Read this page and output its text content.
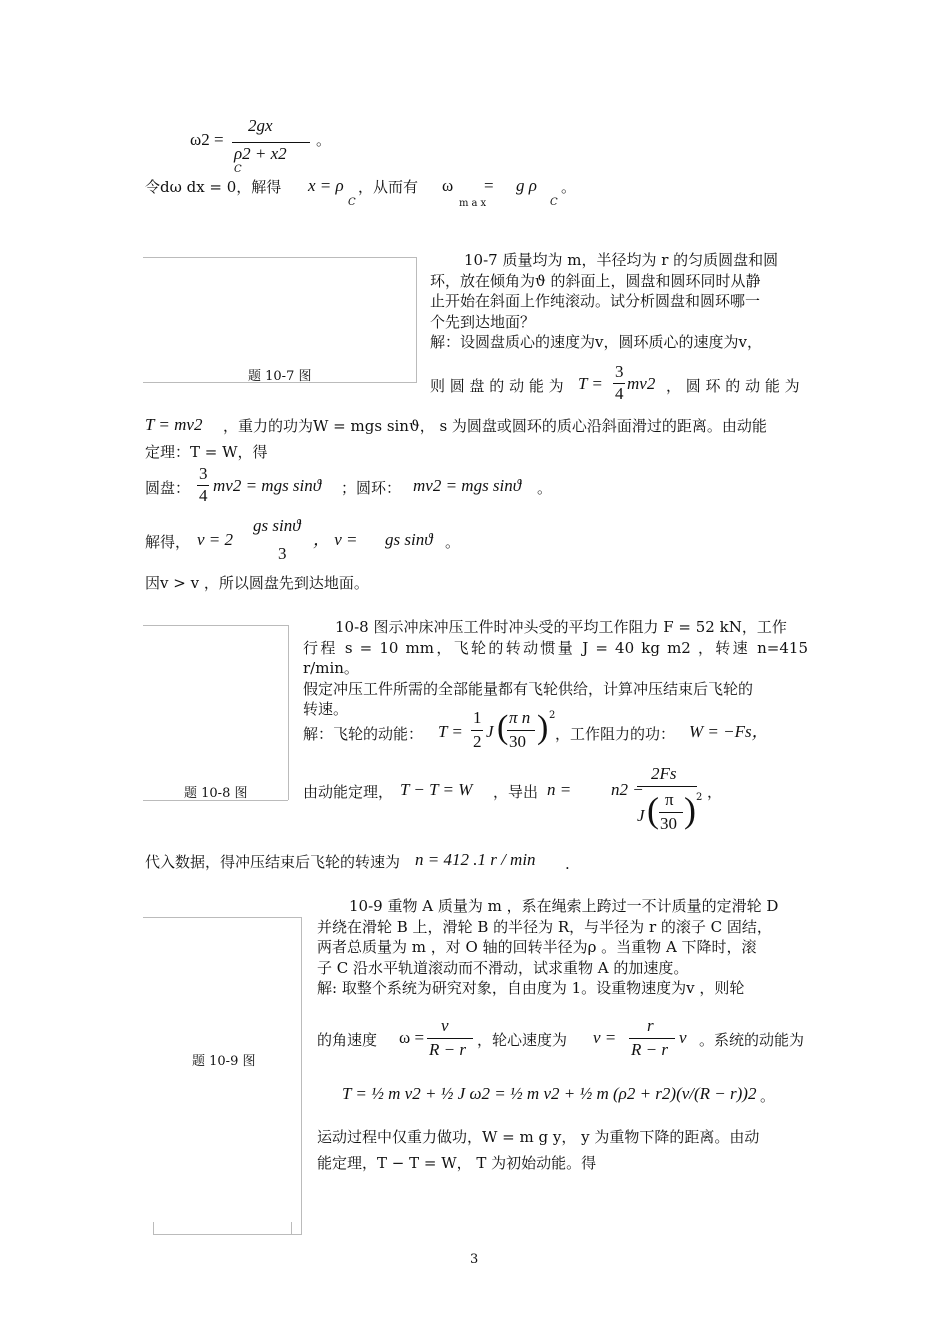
ω2 =
2gx
ρ2 + x2
C
。
令dω dx = 0，解得 x = ρ
C
，从而有 ω
max
= g ρ
C
。
题 10-7 图
10-7 质量均为 m，半径均为 r 的匀质圆盘和圆
环，放在倾角为ϑ 的斜面上，圆盘和圆环同时从静
止开始在斜面上作纯滚动。试分析圆盘和圆环哪一
个先到达地面？
解：设圆盘质心的速度为v，圆环质心的速度为v，
则 圆 盘 的 动 能 为 T =
3
4
mv2 ， 圆 环 的 动 能 为
T = mv2 ，重力的功为W = mgs sinϑ， s 为圆盘或圆环的质心沿斜面滑过的距离。由动能
定理：T = W，得
圆盘：
3
4
mv2 = mgs sinϑ ；圆环： mv2 = mgs sinϑ 。
解得， v = 2
gs sinϑ
3
， v = gs sinϑ 。
因v > v ，所以圆盘先到达地面。
题 10-8 图
10-8 图示冲床冲压工件时冲头受的平均工作阻力 F = 52 kN，工作
行程 s = 10 mm，飞轮的转动惯量 J = 40 kg m2 ，转速 n=415 r/min。
假定冲压工件所需的全部能量都有飞轮供给，计算冲压结束后飞轮的
转速。
解：飞轮的动能： T =
1
2
J ( π n
30 ) 2
，工作阻力的功： W = −Fs，
由动能定理， T − T = W ，导出 n = n2 −
2Fs
J ( π
30 ) 2 ，
代入数据，得冲压结束后飞轮的转速为 n = 412 .1 r / min .
题 10-9 图
10-9 重物 A 质量为 m ，系在绳索上跨过一不计质量的定滑轮 D
并绕在滑轮 B 上，滑轮 B 的半径为 R，与半径为 r 的滚子 C 固结，
两者总质量为 m ，对 O 轴的回转半径为ρ 。当重物 A 下降时，滚
子 C 沿水平轨道滚动而不滑动，试求重物 A 的加速度。
解: 取整个系统为研究对象，自由度为 1。设重物速度为v ，则轮
的角速度 ω =
v
R − r ，轮心速度为 v =
r
R − r
v 。系统的动能为
T = ½ m v2 + ½ J ω2 = ½ m v2 + ½ m (ρ2 + r2)(v/(R − r))2 。
运动过程中仅重力做功，W = m g y， y 为重物下降的距离。由动
能定理，T − T = W， T 为初始动能。得
3
